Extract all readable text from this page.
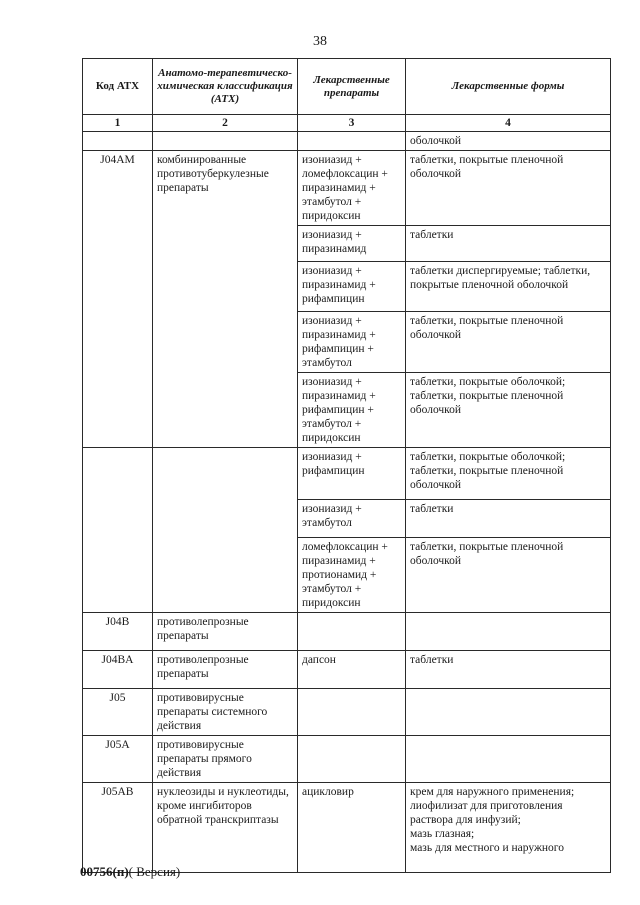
38
Код АТХ	Анатомо-терапевтическо-химическая классификация (АТХ)	Лекарственные препараты	Лекарственные формы
1	2	3	4
			оболочкой
J04AM	комбинированные противотуберкулезные препараты	изониазид + ломефлоксацин + пиразинамид + этамбутол + пиридоксин	таблетки, покрытые пленочной оболочкой
		изониазид + пиразинамид	таблетки
		изониазид + пиразинамид + рифампицин	таблетки диспергируемые; таблетки, покрытые пленочной оболочкой
		изониазид + пиразинамид + рифампицин + этамбутол	таблетки, покрытые пленочной оболочкой
		изониазид + пиразинамид + рифампицин + этамбутол + пиридоксин	таблетки, покрытые оболочкой; таблетки, покрытые пленочной оболочкой
		изониазид + рифампицин	таблетки, покрытые оболочкой; таблетки, покрытые пленочной оболочкой
		изониазид + этамбутол	таблетки
		ломефлоксацин + пиразинамид + протионамид + этамбутол + пиридоксин	таблетки, покрытые пленочной оболочкой
J04B	противолепрозные препараты		
J04BA	противолепрозные препараты	дапсон	таблетки
J05	противовирусные препараты системного действия		
J05A	противовирусные препараты прямого действия		
J05AB	нуклеозиды и нуклеотиды, кроме ингибиторов обратной транскриптазы	ацикловир	крем для наружного применения;
лиофилизат для приготовления раствора для инфузий;
мазь глазная;
мазь для местного и наружного
00756(п)( Версия)
